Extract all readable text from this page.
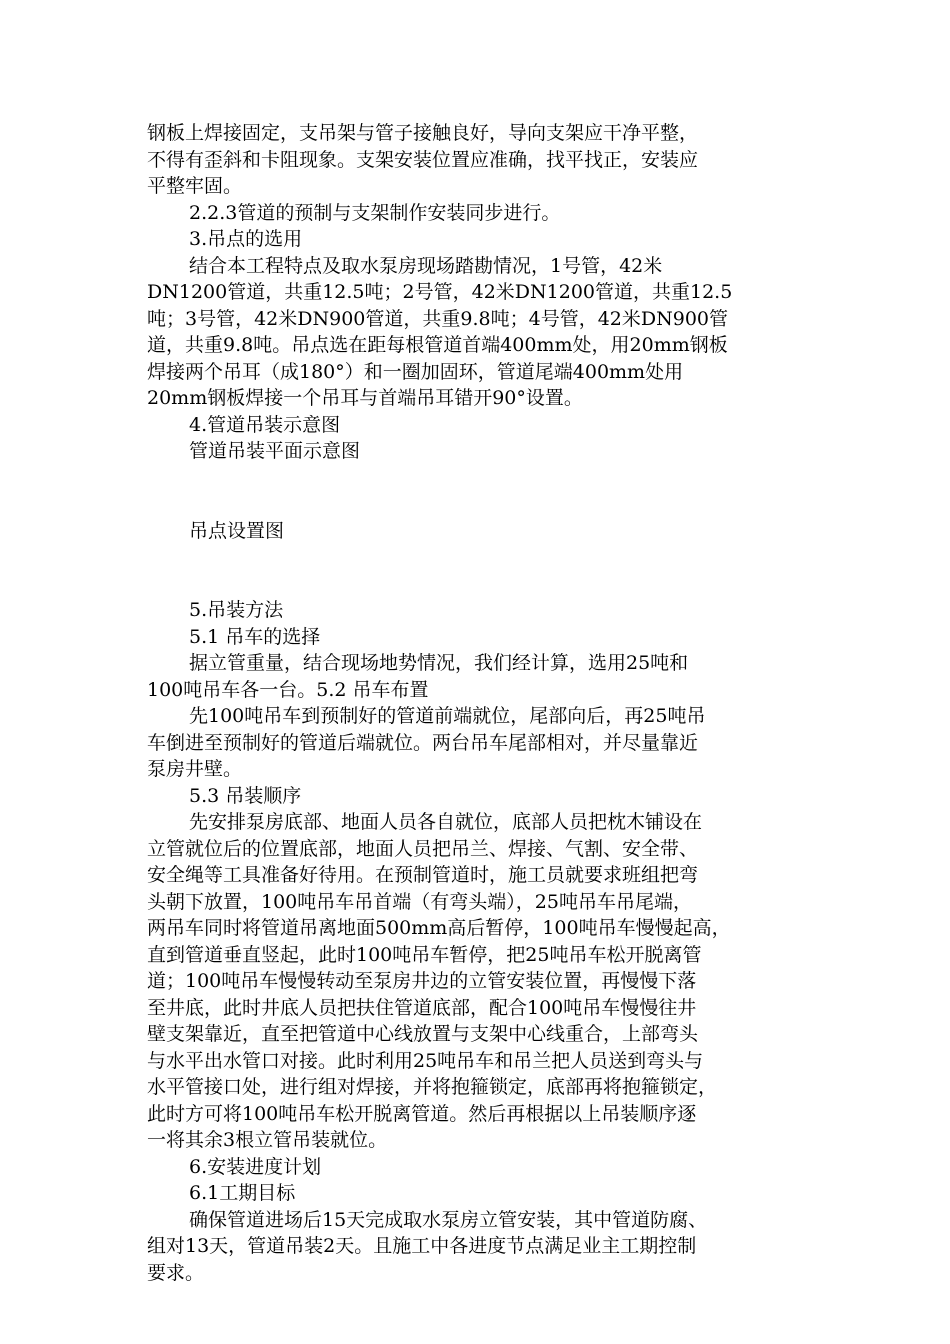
钢板上焊接固定，支吊架与管子接触良好，导向支架应干净平整，
不得有歪斜和卡阻现象。支架安装位置应准确，找平找正，安装应
平整牢固。
2.2.3管道的预制与支架制作安装同步进行。
3.吊点的选用
结合本工程特点及取水泵房现场踏勘情况，1号管，42米
DN1200管道，共重12.5吨；2号管，42米DN1200管道，共重12.5
吨；3号管，42米DN900管道，共重9.8吨；4号管，42米DN900管
道，共重9.8吨。吊点选在距每根管道首端400mm处，用20mm钢板
焊接两个吊耳（成180°）和一圈加固环，管道尾端400mm处用
20mm钢板焊接一个吊耳与首端吊耳错开90°设置。
4.管道吊装示意图
管道吊装平面示意图
吊点设置图
5.吊装方法
5.1 吊车的选择
据立管重量，结合现场地势情况，我们经计算，选用25吨和
100吨吊车各一台。5.2 吊车布置
先100吨吊车到预制好的管道前端就位，尾部向后，再25吨吊
车倒进至预制好的管道后端就位。两台吊车尾部相对，并尽量靠近
泵房井壁。
5.3 吊装顺序
先安排泵房底部、地面人员各自就位，底部人员把枕木铺设在
立管就位后的位置底部，地面人员把吊兰、焊接、气割、安全带、
安全绳等工具准备好待用。在预制管道时，施工员就要求班组把弯
头朝下放置，100吨吊车吊首端（有弯头端），25吨吊车吊尾端，
两吊车同时将管道吊离地面500mm高后暂停，100吨吊车慢慢起高，
直到管道垂直竖起，此时100吨吊车暂停，把25吨吊车松开脱离管
道；100吨吊车慢慢转动至泵房井边的立管安装位置，再慢慢下落
至井底，此时井底人员把扶住管道底部，配合100吨吊车慢慢往井
壁支架靠近，直至把管道中心线放置与支架中心线重合，上部弯头
与水平出水管口对接。此时利用25吨吊车和吊兰把人员送到弯头与
水平管接口处，进行组对焊接，并将抱箍锁定，底部再将抱箍锁定，
此时方可将100吨吊车松开脱离管道。然后再根据以上吊装顺序逐
一将其余3根立管吊装就位。
6.安装进度计划
6.1工期目标
确保管道进场后15天完成取水泵房立管安装，其中管道防腐、
组对13天，管道吊装2天。且施工中各进度节点满足业主工期控制
要求。
